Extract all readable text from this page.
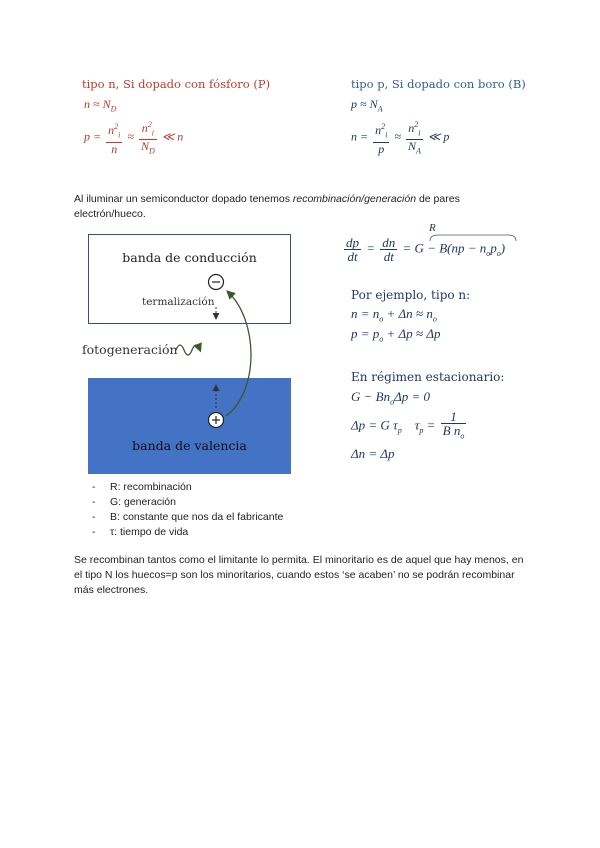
tipo n, Si dopado con fósforo (P)	tipo p, Si dopado con boro (B)
$n \approx N_D$
$p = \frac{n^2_i}{n} \approx \frac{n^2_i}{N_D}$ ≪ n
$p \approx N_A$
$n = \frac{n^2_i}{p} \approx \frac{n^2_i}{N_A}$ ≪ p
Al iluminar un semiconductor dopado tenemos recombinación/generación de pares electrón/hueco.
banda de conducción
banda de valencia
termalización
fotogeneración
R
$\frac{dp}{dt} = \frac{dn}{dt} = G - B(np - n_op_o)$
Por ejemplo, tipo n:
$n = n_o + \Delta n \approx n_o$
$p = p_o + \Delta p \approx \Delta p$
En régimen estacionario:
$G - Bn_o\Delta p = 0$
Δp = G $\tau_p$ $\tau_p = \frac{1}{B n_o}$
Δn = Δp
- R: recombinación
- G: generación
- B: constante que nos da el fabricante
- τ: tiempo de vida
Se recombinan tantos como el limitante lo permita. El minoritario es de aquel que hay menos, en el tipo N los huecos=p son los minoritarios, cuando estos ‘se acaben’ no se podrán recombinar más electrones.
